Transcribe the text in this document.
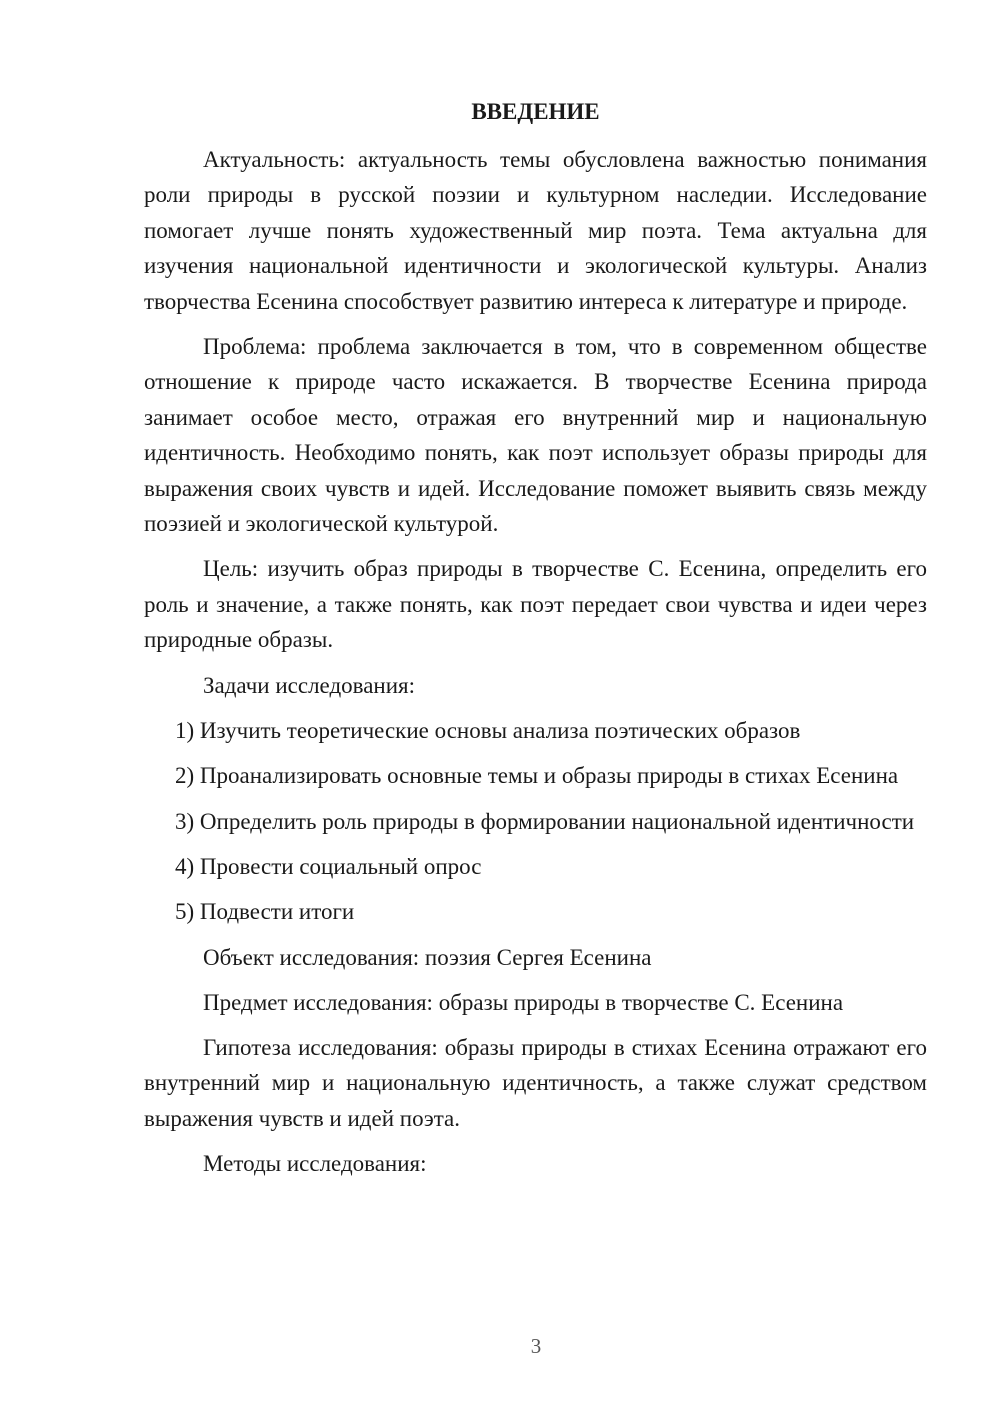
ВВЕДЕНИЕ

Актуальность: актуальность темы обусловлена важностью понимания роли природы в русской поэзии и культурном наследии. Исследование помогает лучше понять художественный мир поэта. Тема актуальна для изучения национальной идентичности и экологической культуры. Анализ творчества Есенина способствует развитию интереса к литературе и природе.

Проблема: проблема заключается в том, что в современном обществе отношение к природе часто искажается. В творчестве Есенина природа занимает особое место, отражая его внутренний мир и национальную идентичность. Необходимо понять, как поэт использует образы природы для выражения своих чувств и идей. Исследование поможет выявить связь между поэзией и экологической культурой.

Цель: изучить образ природы в творчестве С. Есенина, определить его роль и значение, а также понять, как поэт передает свои чувства и идеи через природные образы.

Задачи исследования:

1) Изучить теоретические основы анализа поэтических образов

2) Проанализировать основные темы и образы природы в стихах Есенина

3) Определить роль природы в формировании национальной идентичности

4) Провести социальный опрос

5) Подвести итоги

Объект исследования: поэзия Сергея Есенина

Предмет исследования: образы природы в творчестве С. Есенина

Гипотеза исследования: образы природы в стихах Есенина отражают его внутренний мир и национальную идентичность, а также служат средством выражения чувств и идей поэта.

Методы исследования:

3
